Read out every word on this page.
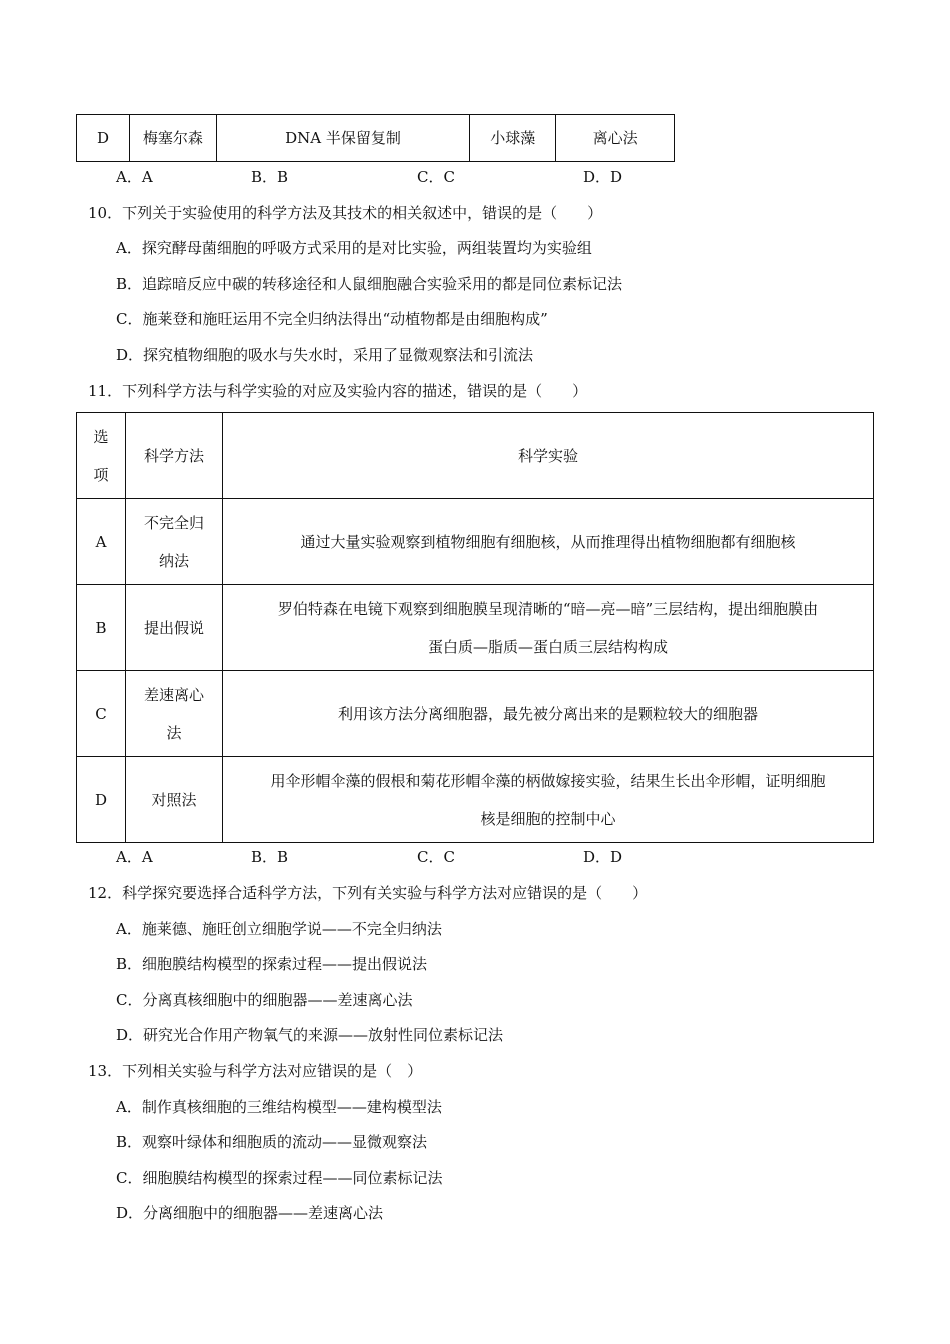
D	梅塞尔森	DNA 半保留复制	小球藻	离心法
A．A	B．B	C．C	D．D
10．下列关于实验使用的科学方法及其技术的相关叙述中，错误的是（　　）
A．探究酵母菌细胞的呼吸方式采用的是对比实验，两组装置均为实验组
B．追踪暗反应中碳的转移途径和人鼠细胞融合实验采用的都是同位素标记法
C．施莱登和施旺运用不完全归纳法得出“动植物都是由细胞构成”
D．探究植物细胞的吸水与失水时，采用了显微观察法和引流法
11．下列科学方法与科学实验的对应及实验内容的描述，错误的是（　　）
选
项	科学方法	科学实验
A	不完全归
纳法	通过大量实验观察到植物细胞有细胞核，从而推理得出植物细胞都有细胞核
B	提出假说	罗伯特森在电镜下观察到细胞膜呈现清晰的“暗—亮—暗”三层结构，提出细胞膜由
蛋白质—脂质—蛋白质三层结构构成

C	差速离心
法	利用该方法分离细胞器，最先被分离出来的是颗粒较大的细胞器
D	对照法	用伞形帽伞藻的假根和菊花形帽伞藻的柄做嫁接实验，结果生长出伞形帽，证明细胞
核是细胞的控制中心
A．A	B．B	C．C	D．D
12．科学探究要选择合适科学方法，下列有关实验与科学方法对应错误的是（　　）
A．施莱德、施旺创立细胞学说——不完全归纳法
B．细胞膜结构模型的探索过程——提出假说法
C．分离真核细胞中的细胞器——差速离心法
D．研究光合作用产物氧气的来源——放射性同位素标记法
13．下列相关实验与科学方法对应错误的是（　）
A．制作真核细胞的三维结构模型——建构模型法
B．观察叶绿体和细胞质的流动——显微观察法
C．细胞膜结构模型的探索过程——同位素标记法
D．分离细胞中的细胞器——差速离心法
